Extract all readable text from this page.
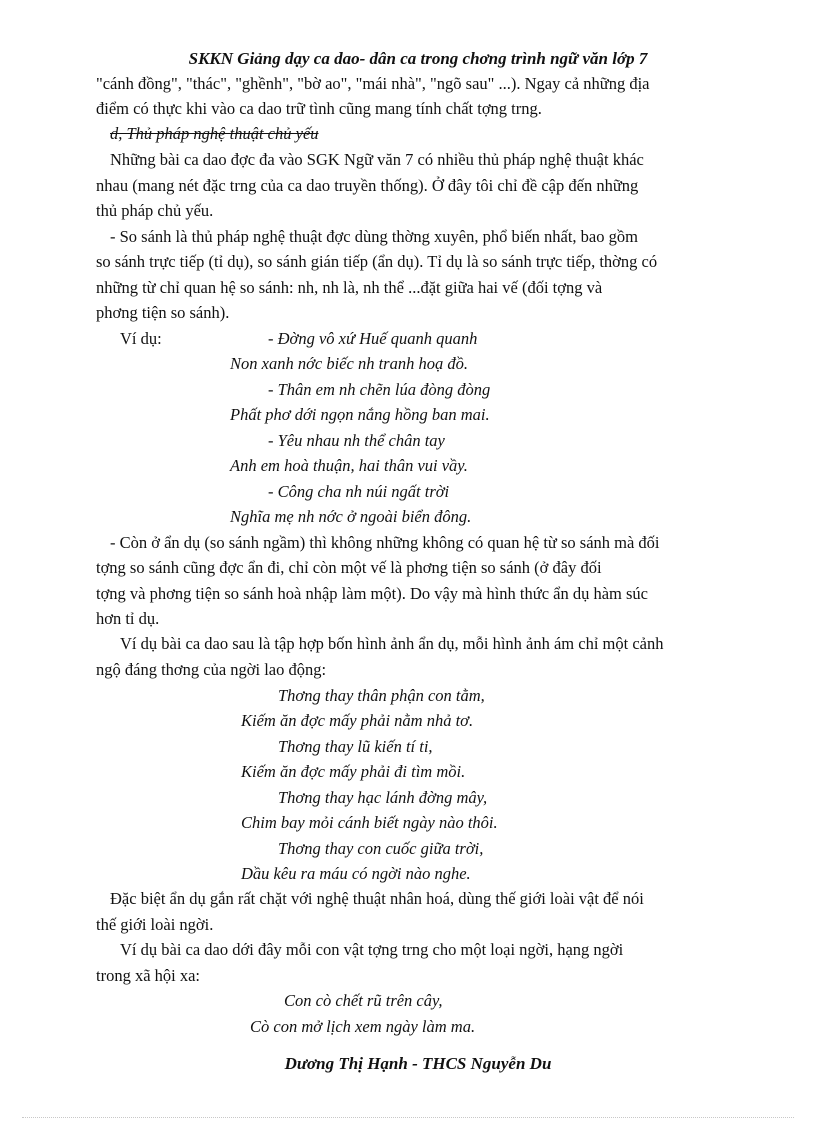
SKKN Giảng dạy ca dao- dân ca trong chơng trình ngữ văn lớp 7
"cánh đồng", "thác", "ghềnh", "bờ ao", "mái nhà", "ngõ sau" ...). Ngay cả những địa
điểm có thực khi vào ca dao trữ tình cũng mang tính chất tợng trng.
d, Thủ pháp nghệ thuật chủ yếu
Những bài ca dao đợc đa vào SGK Ngữ văn 7 có nhiều thủ pháp nghệ thuật khác
nhau (mang nét đặc trng của ca dao truyền thống). Ở đây tôi chỉ đề cập đến những
thủ pháp chủ yếu.
- So sánh là thủ pháp nghệ thuật đợc dùng thờng xuyên, phổ biến nhất, bao gồm
so sánh trực tiếp (tỉ dụ), so sánh gián tiếp (ẩn dụ). Tỉ dụ là so sánh trực tiếp, thờng có
những từ chỉ quan hệ so sánh: nh, nh là, nh thể ...đặt giữa hai vế (đối tợng và
phơng tiện so sánh).
Ví dụ:	- Đờng vô xứ Huế quanh quanh
Non xanh nớc biếc nh tranh hoạ đồ.
- Thân em nh chẽn lúa đòng đòng
Phất phơ dới ngọn nắng hồng ban mai.
- Yêu nhau nh thể chân tay
Anh em hoà thuận, hai thân vui vầy.
- Công cha nh núi ngất trời
Nghĩa mẹ nh nớc ở ngoài biển đông.
- Còn ở ẩn dụ (so sánh ngầm) thì không những không có quan hệ từ so sánh mà đối
tợng so sánh cũng đợc ẩn đi, chỉ còn một vế là phơng tiện so sánh (ở đây đối
tợng và phơng tiện so sánh hoà nhập làm một). Do vậy mà hình thức ẩn dụ hàm súc
hơn tỉ dụ.
Ví dụ bài ca dao sau là tập hợp bốn hình ảnh ẩn dụ, mỗi hình ảnh ám chỉ một cảnh
ngộ đáng thơng của ngời lao động:
Thơng thay thân phận con tằm,
Kiếm ăn đợc mấy phải nằm nhả tơ.
Thơng thay lũ kiến tí ti,
Kiếm ăn đợc mấy phải đi tìm mồi.
Thơng thay hạc lánh đờng mây,
Chim bay mỏi cánh biết ngày nào thôi.
Thơng thay con cuốc giữa trời,
Dầu kêu ra máu có ngời nào nghe.
Đặc biệt ẩn dụ gắn rất chặt với nghệ thuật nhân hoá, dùng thế giới loài vật để nói
thế giới loài ngời.
Ví dụ bài ca dao dới đây mỗi con vật tợng trng cho một loại ngời, hạng ngời
trong xã hội xa:
Con cò chết rũ trên cây,
Cò con mở lịch xem ngày làm ma.
Dương Thị Hạnh - THCS Nguyễn Du
